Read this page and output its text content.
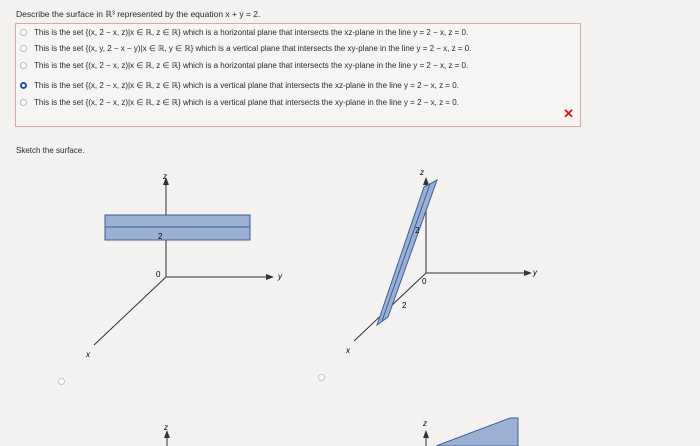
Describe the surface in ℝ³ represented by the equation x + y = 2.
This is the set {(x, 2 − x, z)|x ∈ ℝ, z ∈ ℝ} which is a horizontal plane that intersects the xz-plane in the line y = 2 − x, z = 0.
This is the set {(x, y, 2 − x − y)|x ∈ ℝ, y ∈ ℝ} which is a vertical plane that intersects the xy-plane in the line y = 2 − x, z = 0.
This is the set {(x, 2 − x, z)|x ∈ ℝ, z ∈ ℝ} which is a horizontal plane that intersects the xy-plane in the line y = 2 − x, z = 0.
This is the set {(x, 2 − x, z)|x ∈ ℝ, z ∈ ℝ} which is a vertical plane that intersects the xz-plane in the line y = 2 − x, z = 0.
This is the set {(x, 2 − x, z)|x ∈ ℝ, z ∈ ℝ} which is a vertical plane that intersects the xy-plane in the line y = 2 − x, z = 0.
✕
Sketch the surface.
z
y
x
0
2
z
y
x
0
2
2
z	z
